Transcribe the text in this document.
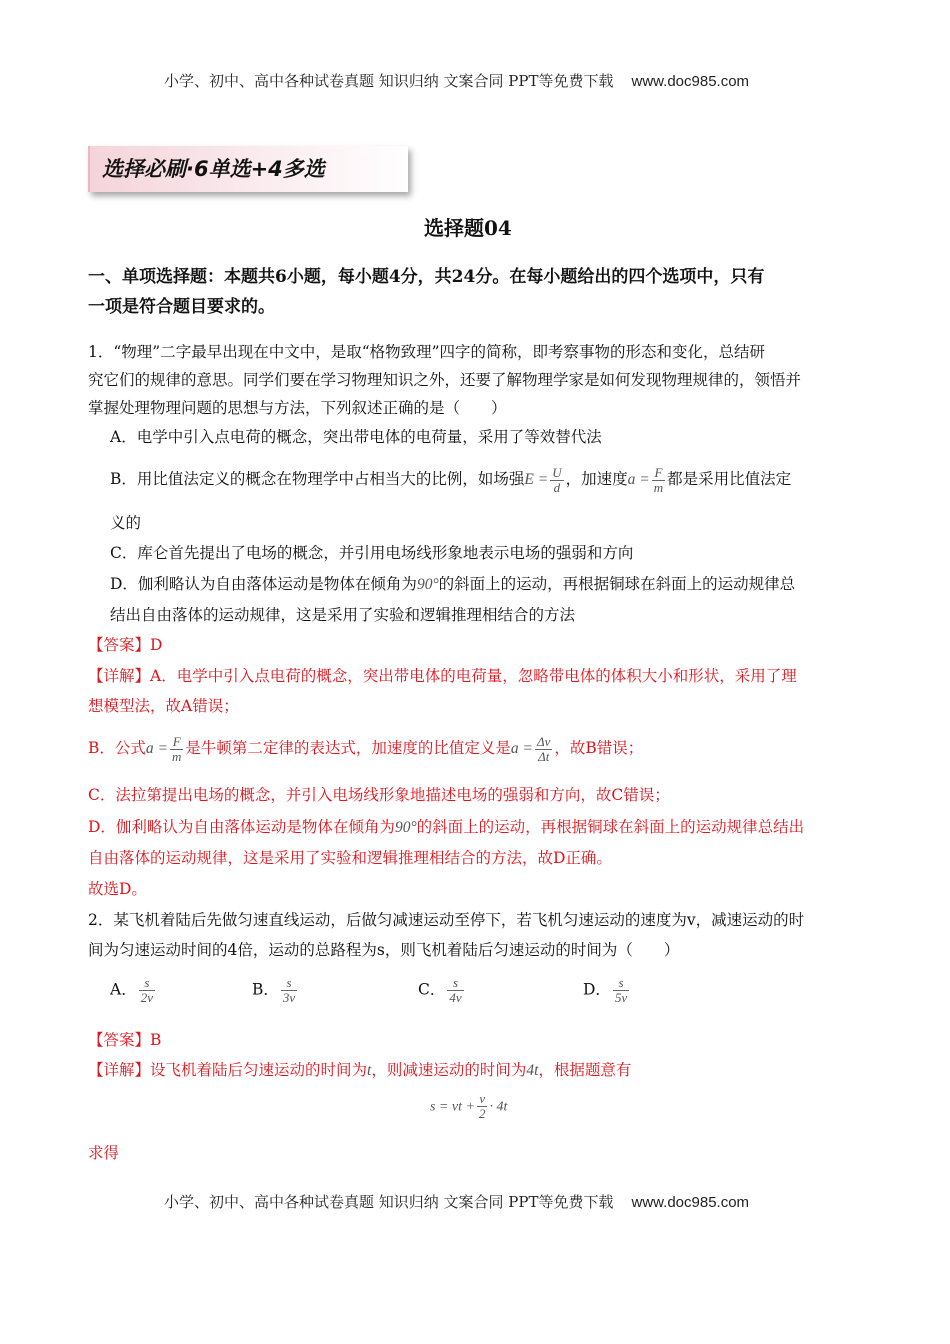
小学、初中、高中各种试卷真题 知识归纳 文案合同 PPT等免费下载 www.doc985.com
选择必刷·6单选+4多选
选择题04
一、单项选择题：本题共6小题，每小题4分，共24分。在每小题给出的四个选项中，只有
一项是符合题目要求的。
1．“物理”二字最早出现在中文中，是取“格物致理”四字的简称，即考察事物的形态和变化，总结研
究它们的规律的意思。同学们要在学习物理知识之外，还要了解物理学家是如何发现物理规律的，领悟并
掌握处理物理问题的思想与方法，下列叙述正确的是（　　）
A．电学中引入点电荷的概念，突出带电体的电荷量，采用了等效替代法
B．用比值法定义的概念在物理学中占相当大的比例，如场强$E = \frac{U}{d}$ ，加速度$a = \frac{F}{m}$ 都是采用比值法定
义的
C．库仑首先提出了电场的概念，并引用电场线形象地表示电场的强弱和方向
D．伽利略认为自由落体运动是物体在倾角为90°的斜面上的运动，再根据铜球在斜面上的运动规律总
结出自由落体的运动规律，这是采用了实验和逻辑推理相结合的方法
【答案】D
【详解】A．电学中引入点电荷的概念，突出带电体的电荷量，忽略带电体的体积大小和形状，采用了理
想模型法，故A错误；
B．公式$a = \frac{F}{m}$ 是牛顿第二定律的表达式，加速度的比值定义是$a = \frac{\Delta v}{\Delta t}$ ，故B错误；
C．法拉第提出电场的概念，并引入电场线形象地描述电场的强弱和方向，故C错误；
D．伽利略认为自由落体运动是物体在倾角为90°的斜面上的运动，再根据铜球在斜面上的运动规律总结出
自由落体的运动规律，这是采用了实验和逻辑推理相结合的方法，故D正确。
故选D。
2．某飞机着陆后先做匀速直线运动，后做匀减速运动至停下，若飞机匀速运动的速度为v，减速运动的时
间为匀速运动时间的4倍，运动的总路程为s，则飞机着陆后匀速运动的时间为（　　）
A． $\frac{s}{2v}$	B． $\frac{s}{3v}$	C． $\frac{s}{4v}$	D． $\frac{s}{5v}$
【答案】B
【详解】设飞机着陆后匀速运动的时间为t，则减速运动的时间为4t，根据题意有
s = vt + $\frac{v}{2} \cdot 4t$
求得
小学、初中、高中各种试卷真题 知识归纳 文案合同 PPT等免费下载 www.doc985.com
